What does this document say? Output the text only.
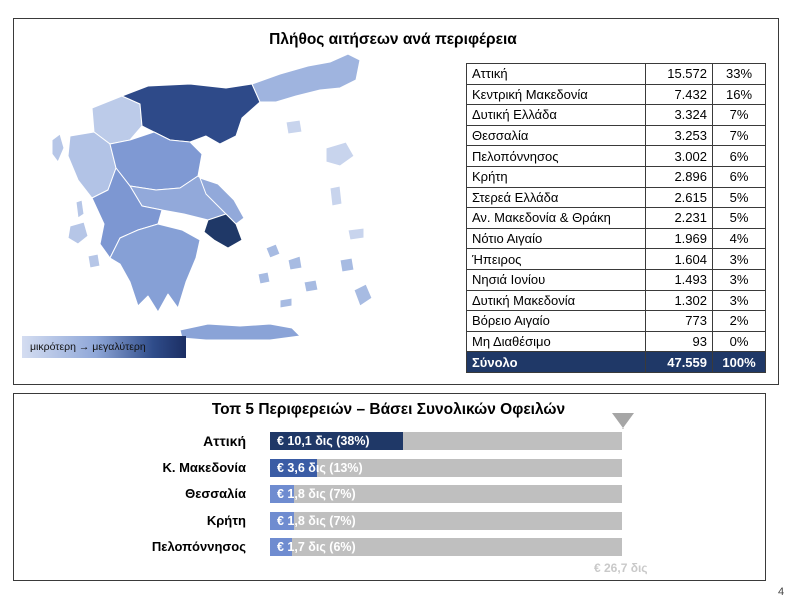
Πλήθος αιτήσεων ανά περιφέρεια
μικρότερη → μεγαλύτερη
Αττική	15.572	33%
Κεντρική Μακεδονία	7.432	16%
Δυτική Ελλάδα	3.324	7%
Θεσσαλία	3.253	7%
Πελοπόννησος	3.002	6%
Κρήτη	2.896	6%
Στερεά Ελλάδα	2.615	5%
Αν. Μακεδονία & Θράκη	2.231	5%
Νότιο Αιγαίο	1.969	4%
Ήπειρος	1.604	3%
Νησιά Ιονίου	1.493	3%
Δυτική Μακεδονία	1.302	3%
Βόρειο Αιγαίο	773	2%
Μη Διαθέσιμο	93	0%
Σύνολο	47.559	100%
Τοπ 5 Περιφερειών – Βάσει Συνολικών Οφειλών
Αττική € 10,1 δις (38%)
Κ. Μακεδονία € 3,6 δις (13%)
Θεσσαλία € 1,8 δις (7%)
Κρήτη € 1,8 δις (7%)
Πελοπόννησος € 1,7 δις (6%)
€ 26,7 δις
4
